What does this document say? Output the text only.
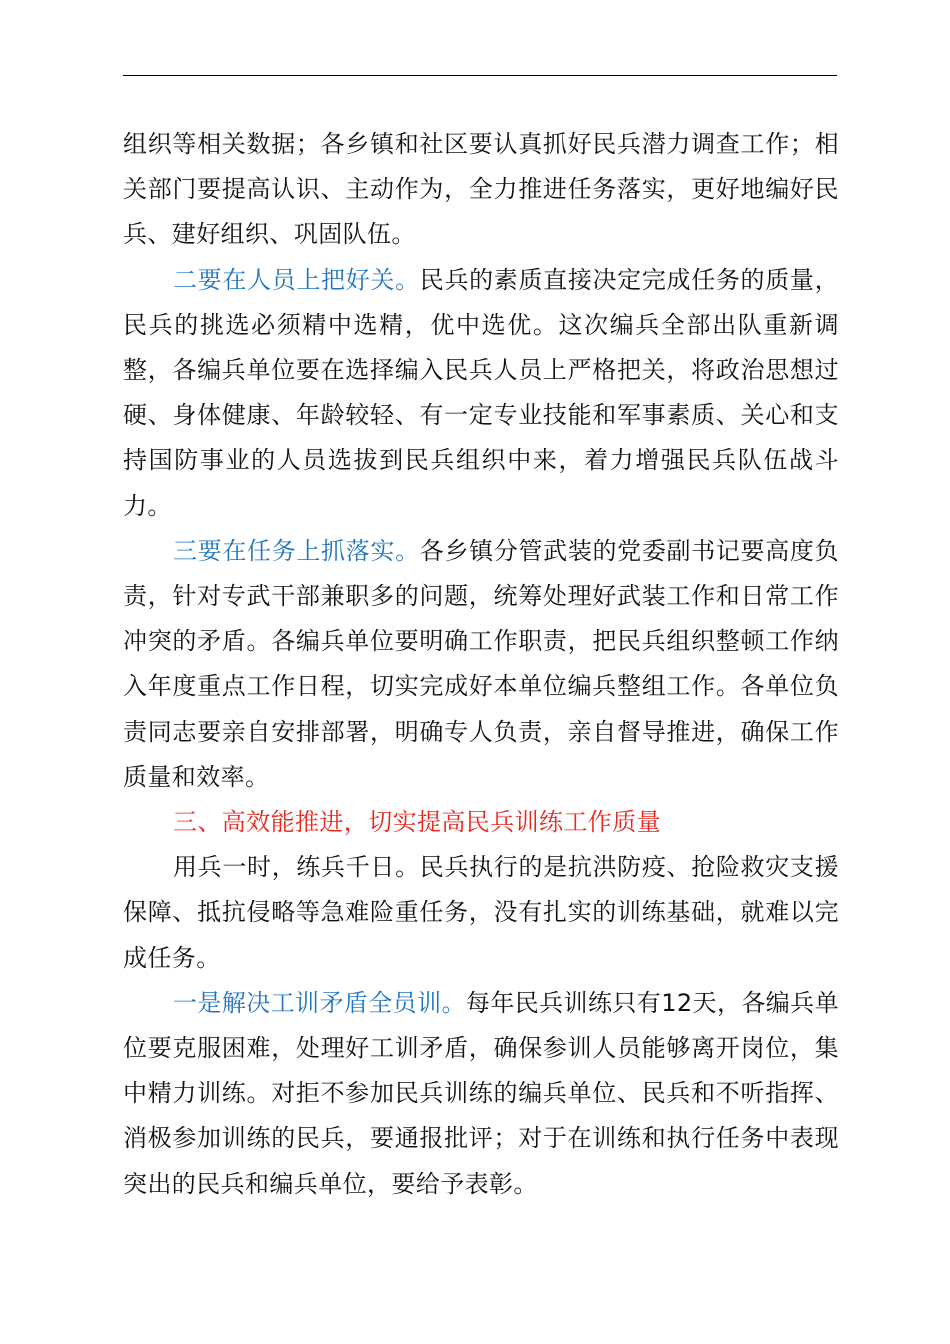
组织等相关数据；各乡镇和社区要认真抓好民兵潜力调查工作；相关部门要提高认识、主动作为，全力推进任务落实，更好地编好民兵、建好组织、巩固队伍。

二要在人员上把好关。民兵的素质直接决定完成任务的质量，民兵的挑选必须精中选精，优中选优。这次编兵全部出队重新调整，各编兵单位要在选择编入民兵人员上严格把关，将政治思想过硬、身体健康、年龄较轻、有一定专业技能和军事素质、关心和支持国防事业的人员选拔到民兵组织中来，着力增强民兵队伍战斗力。

三要在任务上抓落实。各乡镇分管武装的党委副书记要高度负责，针对专武干部兼职多的问题，统筹处理好武装工作和日常工作冲突的矛盾。各编兵单位要明确工作职责，把民兵组织整顿工作纳入年度重点工作日程，切实完成好本单位编兵整组工作。各单位负责同志要亲自安排部署，明确专人负责，亲自督导推进，确保工作质量和效率。

三、高效能推进，切实提高民兵训练工作质量

用兵一时，练兵千日。民兵执行的是抗洪防疫、抢险救灾支援保障、抵抗侵略等急难险重任务，没有扎实的训练基础，就难以完成任务。

一是解决工训矛盾全员训。每年民兵训练只有12天，各编兵单位要克服困难，处理好工训矛盾，确保参训人员能够离开岗位，集中精力训练。对拒不参加民兵训练的编兵单位、民兵和不听指挥、消极参加训练的民兵，要通报批评；对于在训练和执行任务中表现突出的民兵和编兵单位，要给予表彰。
